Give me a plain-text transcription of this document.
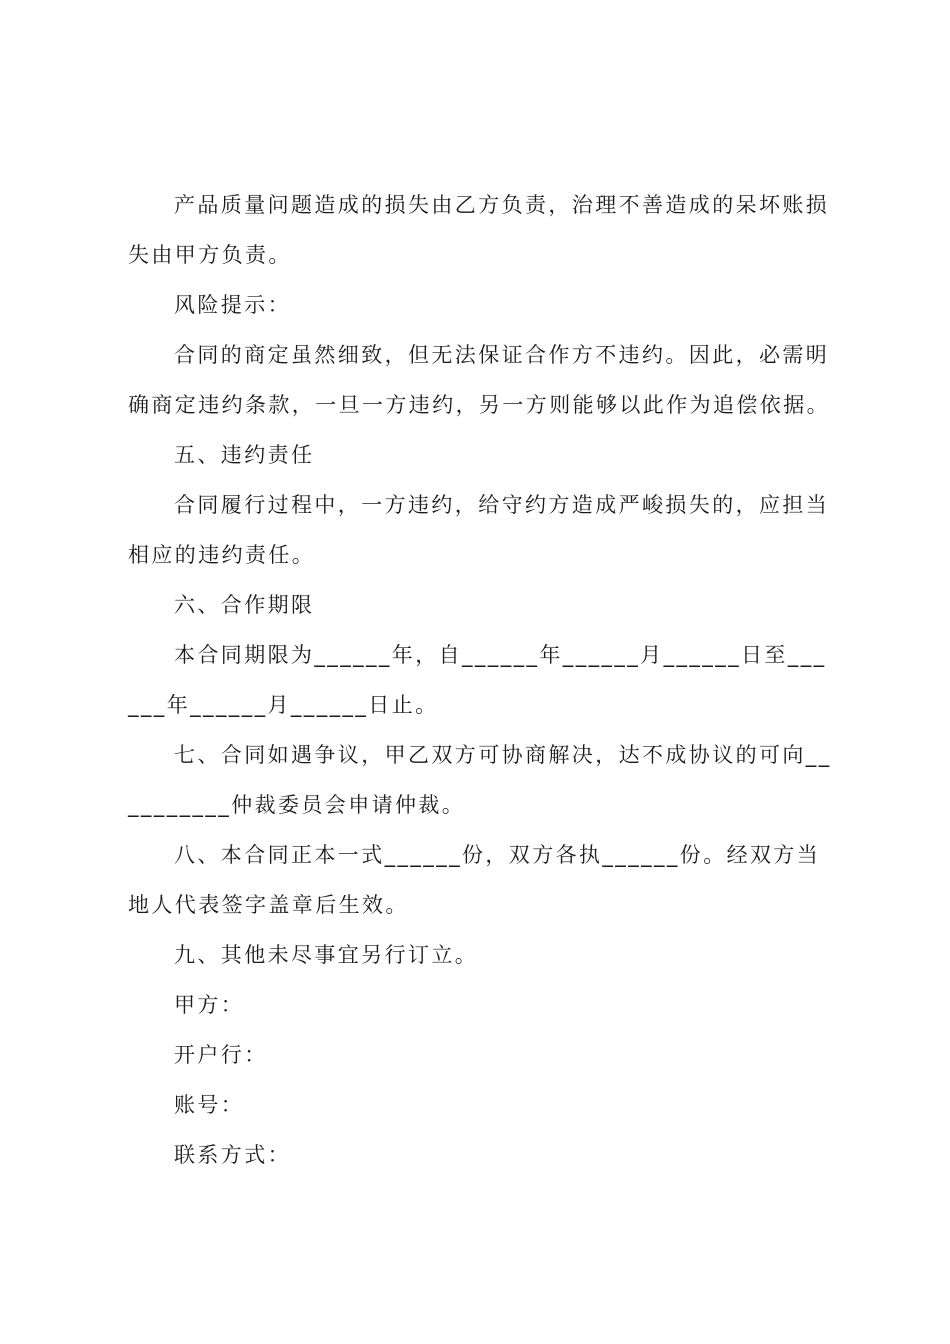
产品质量问题造成的损失由乙方负责，治理不善造成的呆坏账损失由甲方负责。

风险提示：

合同的商定虽然细致，但无法保证合作方不违约。因此，必需明确商定违约条款，一旦一方违约，另一方则能够以此作为追偿依据。

五、违约责任

合同履行过程中，一方违约，给守约方造成严峻损失的，应担当相应的违约责任。

六、合作期限

本合同期限为______年，自______年______月______日至______年______月______日止。

七、合同如遇争议，甲乙双方可协商解决，达不成协议的可向__________仲裁委员会申请仲裁。

八、本合同正本一式______份，双方各执______份。经双方当地人代表签字盖章后生效。

九、其他未尽事宜另行订立。

甲方：

开户行：

账号：

联系方式：
